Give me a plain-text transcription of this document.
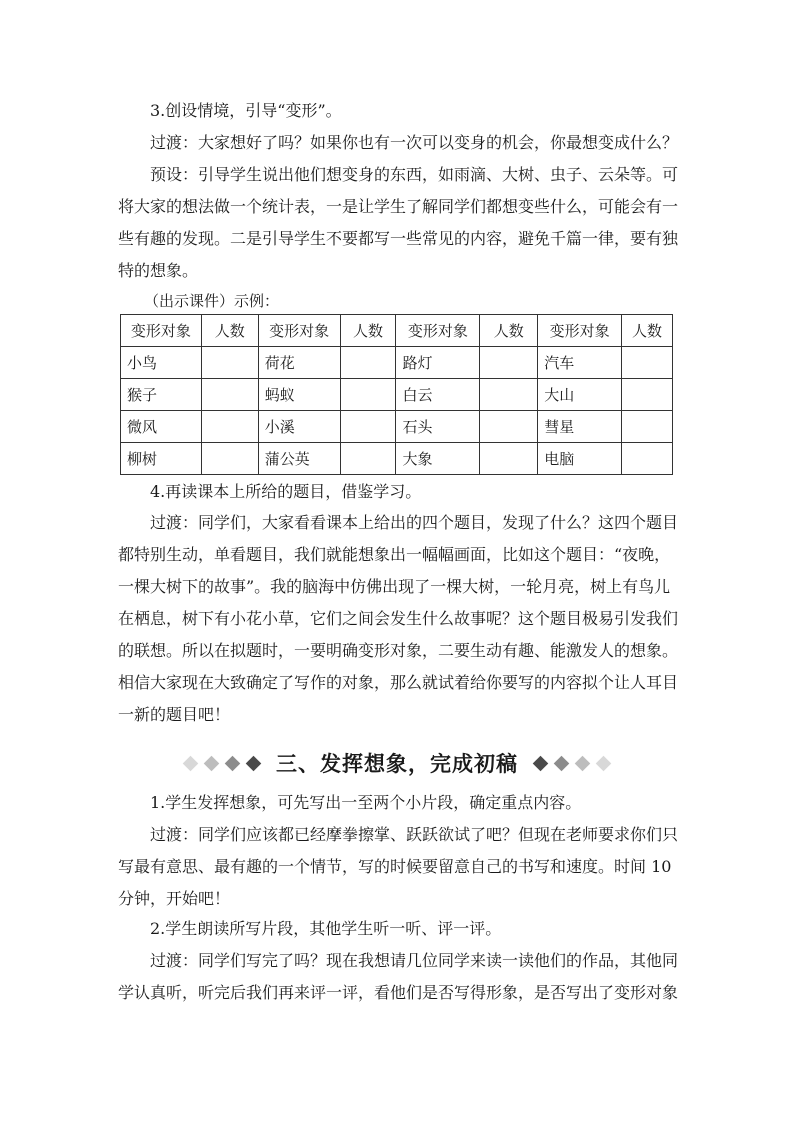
3.创设情境，引导“变形”。
过渡：大家想好了吗？如果你也有一次可以变身的机会，你最想变成什么？
预设：引导学生说出他们想变身的东西，如雨滴、大树、虫子、云朵等。可
将大家的想法做一个统计表，一是让学生了解同学们都想变些什么，可能会有一
些有趣的发现。二是引导学生不要都写一些常见的内容，避免千篇一律，要有独
特的想象。
（出示课件）示例：
变形对象	人数	变形对象	人数	变形对象	人数	变形对象	人数
小鸟		荷花		路灯		汽车	
猴子		蚂蚁		白云		大山	
微风		小溪		石头		彗星	
柳树		蒲公英		大象		电脑	
4.再读课本上所给的题目，借鉴学习。
过渡：同学们，大家看看课本上给出的四个题目，发现了什么？这四个题目
都特别生动，单看题目，我们就能想象出一幅幅画面，比如这个题目：“夜晚，
一棵大树下的故事”。我的脑海中仿佛出现了一棵大树，一轮月亮，树上有鸟儿
在栖息，树下有小花小草，它们之间会发生什么故事呢？这个题目极易引发我们
的联想。所以在拟题时，一要明确变形对象，二要生动有趣、能激发人的想象。
相信大家现在大致确定了写作的对象，那么就试着给你要写的内容拟个让人耳目
一新的题目吧！
三、发挥想象，完成初稿
1.学生发挥想象，可先写出一至两个小片段，确定重点内容。
过渡：同学们应该都已经摩拳擦掌、跃跃欲试了吧？但现在老师要求你们只
写最有意思、最有趣的一个情节，写的时候要留意自己的书写和速度。时间 10
分钟，开始吧！
2.学生朗读所写片段，其他学生听一听、评一评。
过渡：同学们写完了吗？现在我想请几位同学来读一读他们的作品，其他同
学认真听，听完后我们再来评一评，看他们是否写得形象，是否写出了变形对象
